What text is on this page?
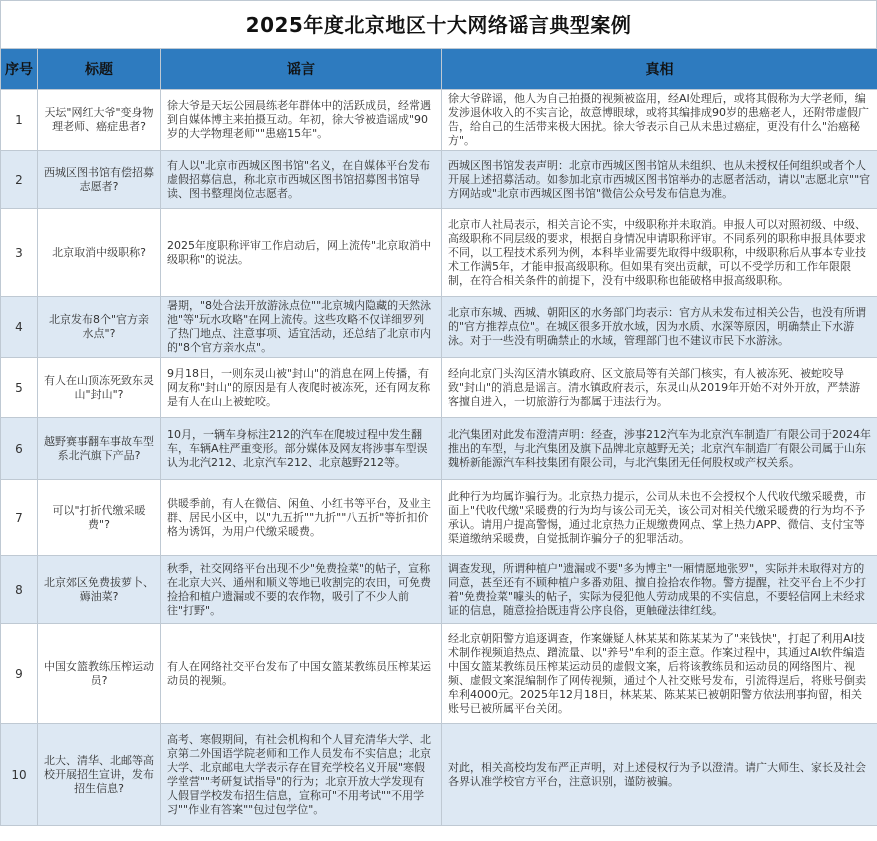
2025年度北京地区十大网络谣言典型案例
序号	标题	谣言	真相
1	天坛"网红大爷"变身物理老师、癌症患者?	徐大爷是天坛公园晨练老年群体中的活跃成员，经常遇到自媒体博主来拍摄互动。年初，徐大爷被造谣成"90岁的大学物理老师""患癌15年"。	徐大爷辟谣，他人为自己拍摄的视频被盗用，经AI处理后，或将其假称为大学老师，编发涉退休收入的不实言论，故意博眼球，或将其编排成90岁的患癌老人，还附带虚假广告，给自己的生活带来极大困扰。徐大爷表示自己从未患过癌症，更没有什么"治癌秘方"。
2	西城区图书馆有偿招募志愿者?	有人以"北京市西城区图书馆"名义，在自媒体平台发布虚假招募信息，称北京市西城区图书馆招募图书馆导读、图书整理岗位志愿者。	西城区图书馆发表声明：北京市西城区图书馆从未组织、也从未授权任何组织或者个人开展上述招募活动。如参加北京市西城区图书馆举办的志愿者活动，请以"志愿北京""官方网站或"北京市西城区图书馆"微信公众号发布信息为准。
3	北京取消中级职称?	2025年度职称评审工作启动后，网上流传"北京取消中级职称"的说法。	北京市人社局表示，相关言论不实，中级职称并未取消。申报人可以对照初级、中级、高级职称不同层级的要求，根据自身情况申请职称评审。不同系列的职称申报具体要求不同，以工程技术系列为例，本科毕业需要先取得中级职称，中级职称后从事本专业技术工作满5年，才能申报高级职称。但如果有突出贡献，可以不受学历和工作年限限制，在符合相关条件的前提下，没有中级职称也能破格申报高级职称。
4	北京发布8个"官方亲水点"?	暑期，"8处合法开放游泳点位""北京城内隐藏的天然泳池"等"玩水攻略"在网上流传。这些攻略不仅详细罗列了热门地点、注意事项、适宜活动，还总结了北京市内的"8个官方亲水点"。	北京市东城、西城、朝阳区的水务部门均表示：官方从未发布过相关公告，也没有所谓的"官方推荐点位"。在城区很多开放水域，因为水质、水深等原因，明确禁止下水游泳。对于一些没有明确禁止的水域，管理部门也不建议市民下水游泳。
5	有人在山顶冻死致东灵山"封山"?	9月18日，一则东灵山被"封山"的消息在网上传播，有网友称"封山"的原因是有人夜爬时被冻死，还有网友称是有人在山上被蛇咬。	经向北京门头沟区清水镇政府、区文旅局等有关部门核实，有人被冻死、被蛇咬导致"封山"的消息是谣言。清水镇政府表示，东灵山从2019年开始不对外开放，严禁游客擅自进入，一切旅游行为都属于违法行为。
6	越野赛事翻车事故车型系北汽旗下产品?	10月，一辆车身标注212的汽车在爬坡过程中发生翻车，车辆A柱严重变形。部分媒体及网友将涉事车型误认为北汽212、北京汽车212、北京越野212等。	北汽集团对此发布澄清声明：经查，涉事212汽车为北京汽车制造厂有限公司于2024年推出的车型，与北汽集团及旗下品牌北京越野无关；北京汽车制造厂有限公司属于山东魏桥新能源汽车科技集团有限公司，与北汽集团无任何股权或产权关系。
7	可以"打折代缴采暖费"?	供暖季前，有人在微信、闲鱼、小红书等平台，及业主群、居民小区中，以"九五折""九折""八五折"等折扣价格为诱饵，为用户代缴采暖费。	此种行为均属诈骗行为。北京热力提示，公司从未也不会授权个人代收代缴采暖费，市面上"代收代缴"采暖费的行为均与该公司无关，该公司对相关代缴采暖费的行为均不予承认。请用户提高警惕，通过北京热力正规缴费网点、掌上热力APP、微信、支付宝等渠道缴纳采暖费，自觉抵制诈骗分子的犯罪活动。
8	北京郊区免费拔萝卜、薅油菜?	秋季，社交网络平台出现不少"免费捡菜"的帖子，宣称在北京大兴、通州和顺义等地已收割完的农田，可免费捡拾和植户遗漏或不要的农作物，吸引了不少人前往"打野"。	调查发现，所谓种植户"遗漏或不要"多为博主"一厢情愿地张罗"，实际并未取得对方的同意，甚至还有不顾种植户多番劝阻、擅自捡拾农作物。警方提醒，社交平台上不少打着"免费捡菜"噱头的帖子，实际为侵犯他人劳动成果的不实信息，不要轻信网上未经求证的信息，随意捡拾既违背公序良俗，更触碰法律红线。
9	中国女篮教练压榨运动员?	有人在网络社交平台发布了中国女篮某教练员压榨某运动员的视频。	经北京朝阳警方追逐调查，作案嫌疑人林某某和陈某某为了"来钱快"，打起了利用AI技术制作视频追热点、蹭流量、以"养号"牟利的歪主意。作案过程中，其通过AI软件编造中国女篮某教练员压榨某运动员的虚假文案，后将该教练员和运动员的网络图片、视频、虚假文案混编制作了网传视频，通过个人社交账号发布，引流得逞后，将账号倒卖牟利4000元。2025年12月18日，林某某、陈某某已被朝阳警方依法刑事拘留，相关账号已被所属平台关闭。
10	北大、清华、北邮等高校开展招生宣讲，发布招生信息?	高考、寒假期间，有社会机构和个人冒充清华大学、北京第二外国语学院老师和工作人员发布不实信息；北京大学、北京邮电大学表示存在冒充学校名义开展"寒假学堂营""考研复试指导"的行为；北京开放大学发现有人假冒学校发布招生信息，宣称可"不用考试""不用学习""作业有答案""包过包学位"。	对此，相关高校均发布严正声明，对上述侵权行为予以澄清。请广大师生、家长及社会各界认准学校官方平台，注意识别，谨防被骗。
